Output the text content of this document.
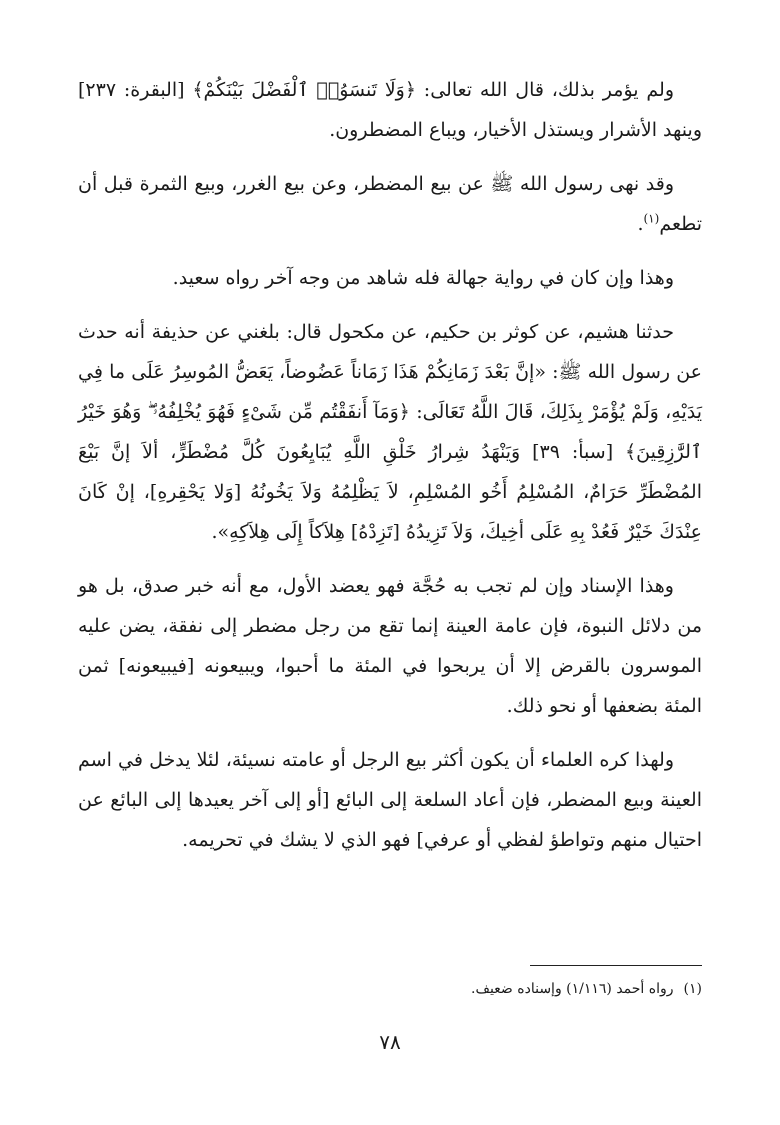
ولم يؤمر بذلك، قال الله تعالى: ﴿وَلَا تَنسَوُا۟ ٱلْفَضْلَ بَيْنَكُمْ﴾ [البقرة: ٢٣٧] وينهد الأشرار ويستذل الأخيار، ويباع المضطرون.

وقد نهى رسول الله ﷺ عن بيع المضطر، وعن بيع الغرر، وبيع الثمرة قبل أن تطعم$^{(١)}$.

وهذا وإن كان في رواية جهالة فله شاهد من وجه آخر رواه سعيد.

حدثنا هشيم، عن كوثر بن حكيم، عن مكحول قال: بلغني عن حذيفة أنه حدث عن رسول الله ﷺ: «إنَّ بَعْدَ زَمَانِكُمْ هَذَا زَمَاناً عَضُوضاً، يَعَضُّ المُوسِرُ عَلَى ما فِي يَدَيْهِ، وَلَمْ يُؤْمَرْ بِذَلِكَ، قَالَ اللَّهُ تَعَالَى: ﴿وَمَآ أَنفَقْتُم مِّن شَىْءٍ فَهُوَ يُخْلِفُهُۥ ۖ وَهُوَ خَيْرُ ٱلرَّٰزِقِينَ﴾ [سبأ: ٣٩] وَيَنْهَدُ شِرارُ خَلْقِ اللَّهِ يُبَايِعُونَ كُلَّ مُضْطَرٍّ، ألاَ إنَّ بَيْعَ المُضْطَرِّ حَرَامٌ، المُسْلِمُ أَخُو المُسْلِمِ، لاَ يَظْلِمُهُ وَلاَ يَخُونُهُ [وَلا يَحْقِرهِ]، إنْ كَانَ عِنْدَكَ خَيْرٌ فَعُدْ بِهِ عَلَى أخِيكَ، وَلاَ تَزِيدُهُ [تَزِدْهُ] هِلاَكاً إِلَى هِلاَكِهِ».

وهذا الإسناد وإن لم تجب به حُجَّة فهو يعضد الأول، مع أنه خبر صدق، بل هو من دلائل النبوة، فإن عامة العينة إنما تقع من رجل مضطر إلى نفقة، يضن عليه الموسرون بالقرض إلا أن يربحوا في المئة ما أحبوا، ويبيعونه [فيبيعونه] ثمن المئة بضعفها أو نحو ذلك.

ولهذا كره العلماء أن يكون أكثر بيع الرجل أو عامته نسيئة، لئلا يدخل في اسم العينة وبيع المضطر، فإن أعاد السلعة إلى البائع [أو إلى آخر يعيدها إلى البائع عن احتيال منهم وتواطؤ لفظي أو عرفي] فهو الذي لا يشك في تحريمه.

(١)رواه أحمد (١/١١٦) وإسناده ضعيف.
٧٨
